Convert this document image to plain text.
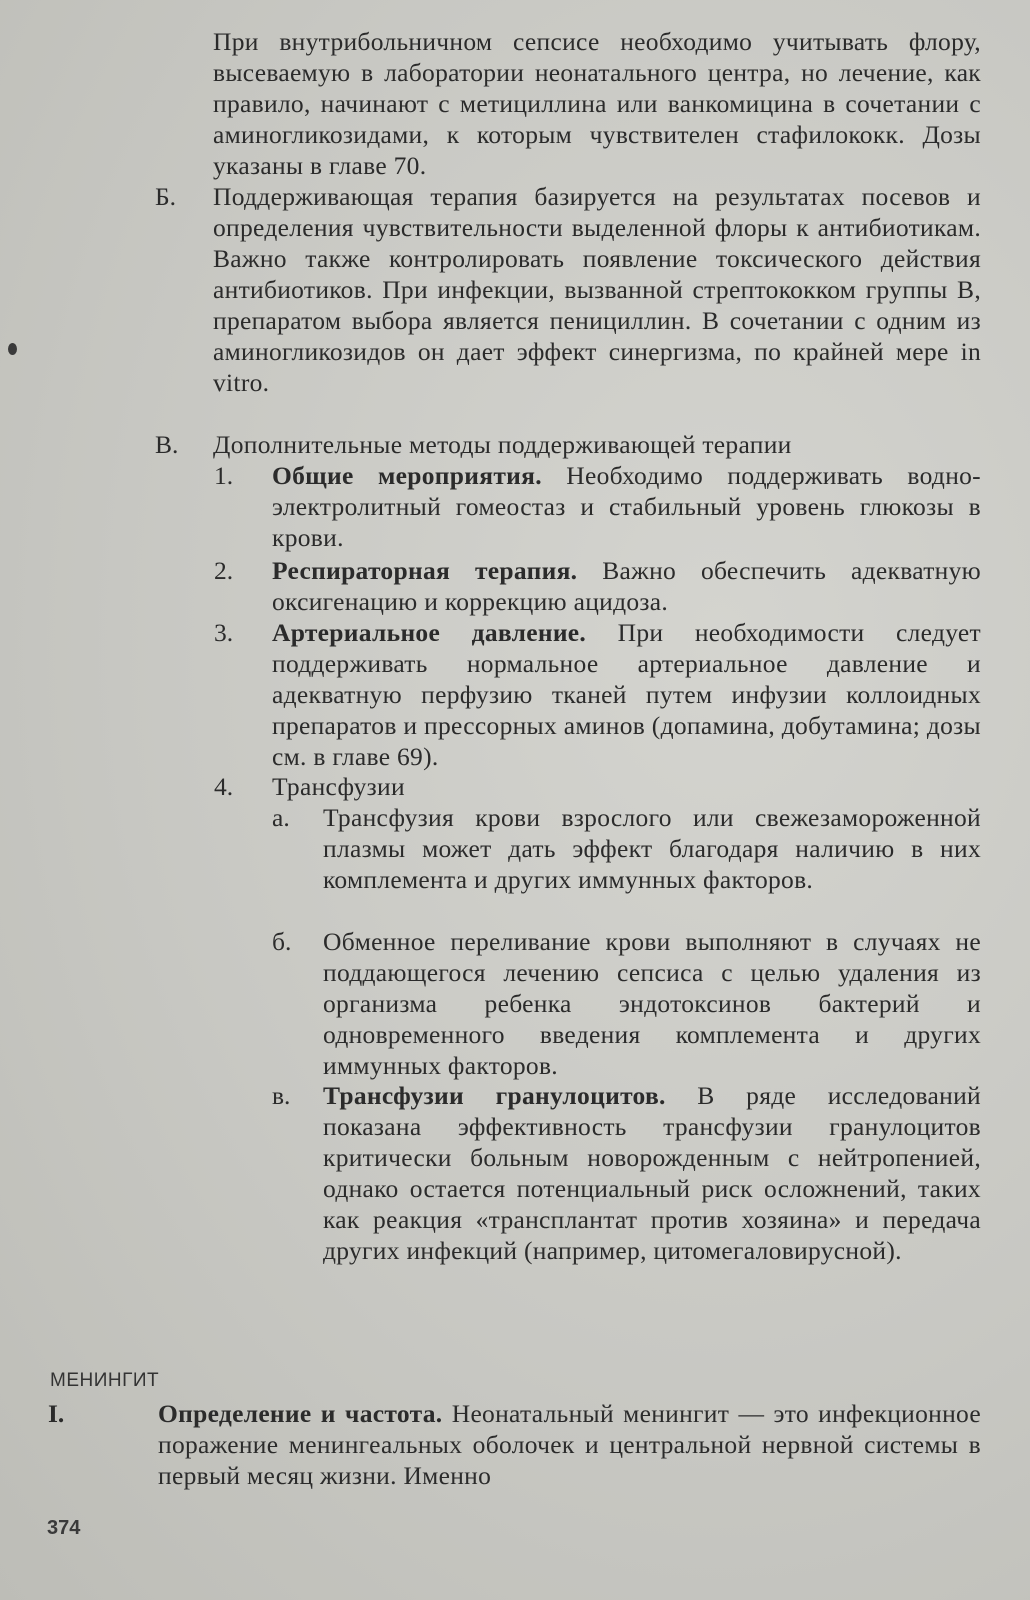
При внутрибольничном сепсисе необходимо учитывать флору, высеваемую в лаборатории неонатального центра, но лечение, как правило, начинают с метициллина или ванкомицина в сочетании с аминогликозидами, к которым чувствителен стафилококк. Дозы указаны в главе 70.
Б. Поддерживающая терапия базируется на результатах посевов и определения чувствительности выделенной флоры к антибиотикам. Важно также контролировать появление токсического действия антибиотиков. При инфекции, вызванной стрептококком группы В, препаратом выбора является пенициллин. В сочетании с одним из аминогликозидов он дает эффект синергизма, по крайней мере in vitro.
В. Дополнительные методы поддерживающей терапии
1. Общие мероприятия. Необходимо поддерживать водно-электролитный гомеостаз и стабильный уровень глюкозы в крови.
2. Респираторная терапия. Важно обеспечить адекватную оксигенацию и коррекцию ацидоза.
3. Артериальное давление. При необходимости следует поддерживать нормальное артериальное давление и адекватную перфузию тканей путем инфузии коллоидных препаратов и прессорных аминов (допамина, добутамина; дозы см. в главе 69).
4. Трансфузии
а. Трансфузия крови взрослого или свежезамороженной плазмы может дать эффект благодаря наличию в них комплемента и других иммунных факторов.
б. Обменное переливание крови выполняют в случаях не поддающегося лечению сепсиса с целью удаления из организма ребенка эндотоксинов бактерий и одновременного введения комплемента и других иммунных факторов.
в. Трансфузии гранулоцитов. В ряде исследований показана эффективность трансфузии гранулоцитов критически больным новорожденным с нейтропенией, однако остается потенциальный риск осложнений, таких как реакция «трансплантат против хозяина» и передача других инфекций (например, цитомегаловирусной).
МЕНИНГИТ
I.	Определение и частота. Неонатальный менингит — это инфекционное поражение менингеальных оболочек и центральной нервной системы в первый месяц жизни. Именно
374
